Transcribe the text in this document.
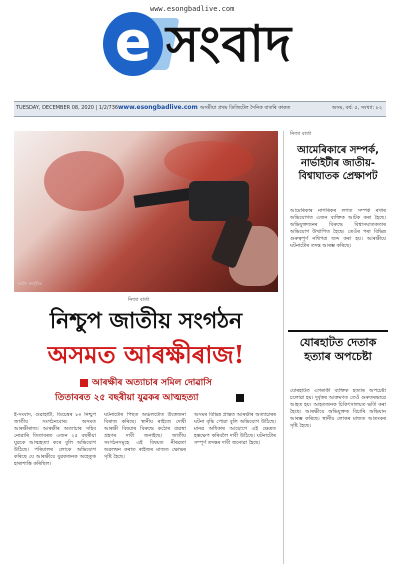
www.esongbadlive.com
e সংবাদ
TUESDAY, DECEMBER 08, 2020 | 1/2/736 www.esongbadlive.com অসমীয়া প্ৰথম ডিজিটেল দৈনিক বাতৰি কাকত	অসম, বৰ্ষ: ৫, সংখ্যা: ৮২
ফটো: সংগৃহীত
নিজা বাৰ্তা
নিশ্চুপ জাতীয় সংগঠন
অসমত আৰক্ষীৰাজ!
আৰক্ষীৰ অত্যাচাৰ সমিল দোৱাসি
তিতাবৰত ২৫ বছৰীয়া যুৱকৰ আত্মহত্যা
ই-সংবাদ, গুৱাহাটী, ডিচেম্বৰ ৮ঃ নিশ্চুপ জাতীয় সংগঠনবোৰ। অসমত আৰক্ষীৰাজ। আৰক্ষীৰ অত্যাচাৰ সহিব নোৱাৰি তিতাবৰত এজন ২৫ বছৰীয়া যুৱকে আত্মহত্যা কৰে বুলি অভিযোগ উঠিছে। পৰিয়ালৰ লোকে অভিযোগ কৰিছে যে আৰক্ষীয়ে যুৱকজনক অহেতুক হাৰাশাস্তি কৰিছিল।
ঘটনাটোৰ পিছত অঞ্চলটোত উত্তেজনা বিৰাজ কৰিছে। স্থানীয় ৰাইজে দোষী আৰক্ষী বিষয়াৰ বিৰুদ্ধে কঠোৰ ব্যৱস্থা গ্ৰহণৰ দাবী জনাইছে। জাতীয় সংগঠনসমূহে এই বিষয়ত নীৰৱতা অৱলম্বন কৰাত ৰাইজৰ মাজত ক্ষোভৰ সৃষ্টি হৈছে।
অসমৰ বিভিন্ন প্ৰান্তত আৰক্ষীৰ অত্যাচাৰৰ ঘটনা বৃদ্ধি পোৱা বুলি অভিযোগ উঠিছে। মানৱ অধিকাৰ আয়োগে এই ক্ষেত্ৰত হস্তক্ষেপ কৰিবলৈ দাবী উঠিছে। ঘটনাটোৰ সম্পূৰ্ণ তদন্তৰ দাবী জনোৱা হৈছে।
নিজা বাৰ্তা
আমেৰিকাৰে সম্পৰ্ক, নাৰ্ভাইটীৰ জাতীয়-বিশ্বাঘাতক প্ৰেক্ষাপট
আমেৰিকাৰ নাগৰিকৰ লগত সম্পৰ্ক ৰখাৰ অভিযোগত এজন ব্যক্তিক আটক কৰা হৈছে। অভিযুক্তজনৰ বিৰুদ্ধে বিশ্বাসঘাতকতাৰ অভিযোগ উত্থাপিত হৈছে। তেওঁৰ পৰা বিভিন্ন গুৰুত্বপূৰ্ণ নথিপত্ৰ জব্দ কৰা হয়। আৰক্ষীয়ে ঘটনাটোৰ তদন্ত আৰম্ভ কৰিছে।
যোৰহাটত দেতাক হত্যাৰ অপচেষ্টা
যোৰহাটত এগৰাকী ব্যক্তিক হত্যাৰ অপচেষ্টা চলোৱা হয়। দুৰ্বৃত্তৰ আক্ৰমণত তেওঁ গুৰুতৰভাৱে আহত হয়। আহতজনক চিকিৎসালয়ত ভৰ্তি কৰা হৈছে। আৰক্ষীয়ে অভিযুক্তক বিচাৰি অভিযান আৰম্ভ কৰিছে। স্থানীয় লোকৰ মাজত আতংকৰ সৃষ্টি হৈছে।
